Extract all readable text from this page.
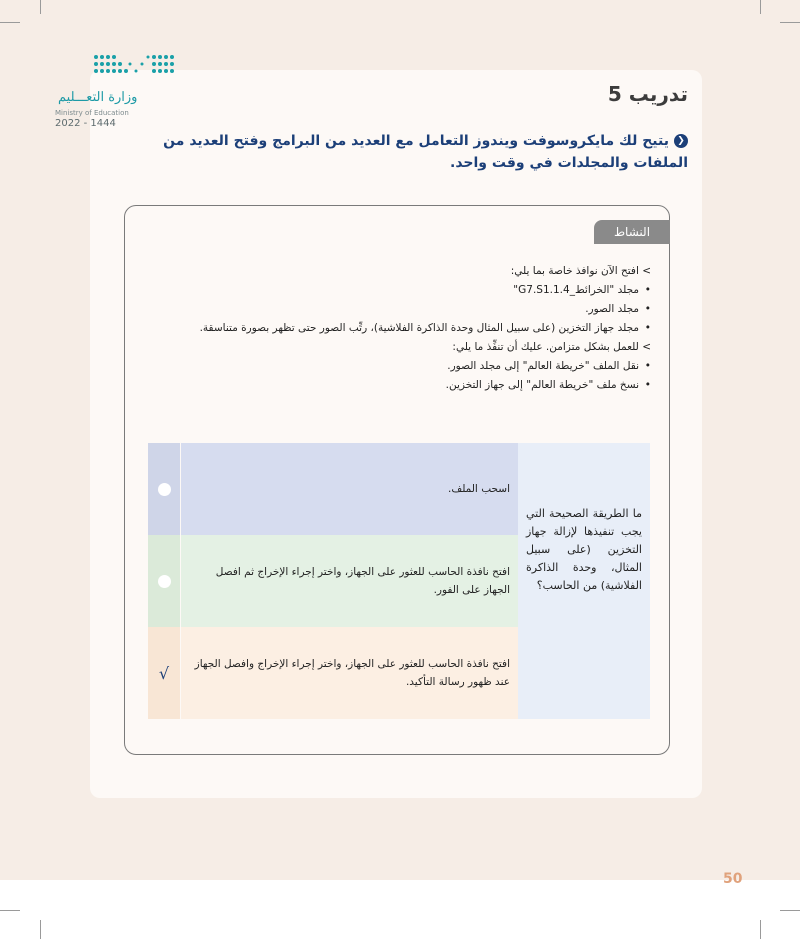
وزارة التعـــليم
Ministry of Education
2022 - 1444
تدريب 5
❮يتيح لك مايكروسوفت ويندوز التعامل مع العديد من البرامج وفتح العديد من الملفات والمجلدات في وقت واحد.
النشاط
> افتح الآن نوافذ خاصة بما يلي:
• مجلد "الخرائط_G7.S1.1.4"
• مجلد الصور.
• مجلد جهاز التخزين (على سبيل المثال وحدة الذاكرة الفلاشية)، رتِّب الصور حتى تظهر بصورة متناسقة.
> للعمل بشكل متزامن. عليك أن تنفِّذ ما يلي:
• نقل الملف "خريطة العالم" إلى مجلد الصور.
• نسخ ملف "خريطة العالم" إلى جهاز التخزين.
ما الطريقة الصحيحة التي يجب تنفيذها لإزالة جهاز التخزين (على سبيل المثال، وحدة الذاكرة الفلاشية) من الحاسب؟
اسحب الملف.
افتح نافذة الحاسب للعثور على الجهاز، واختر إجراء الإخراج ثم افصل الجهاز على الفور.
√	افتح نافذة الحاسب للعثور على الجهاز، واختر إجراء الإخراج وافصل الجهاز عند ظهور رسالة التأكيد.
50
